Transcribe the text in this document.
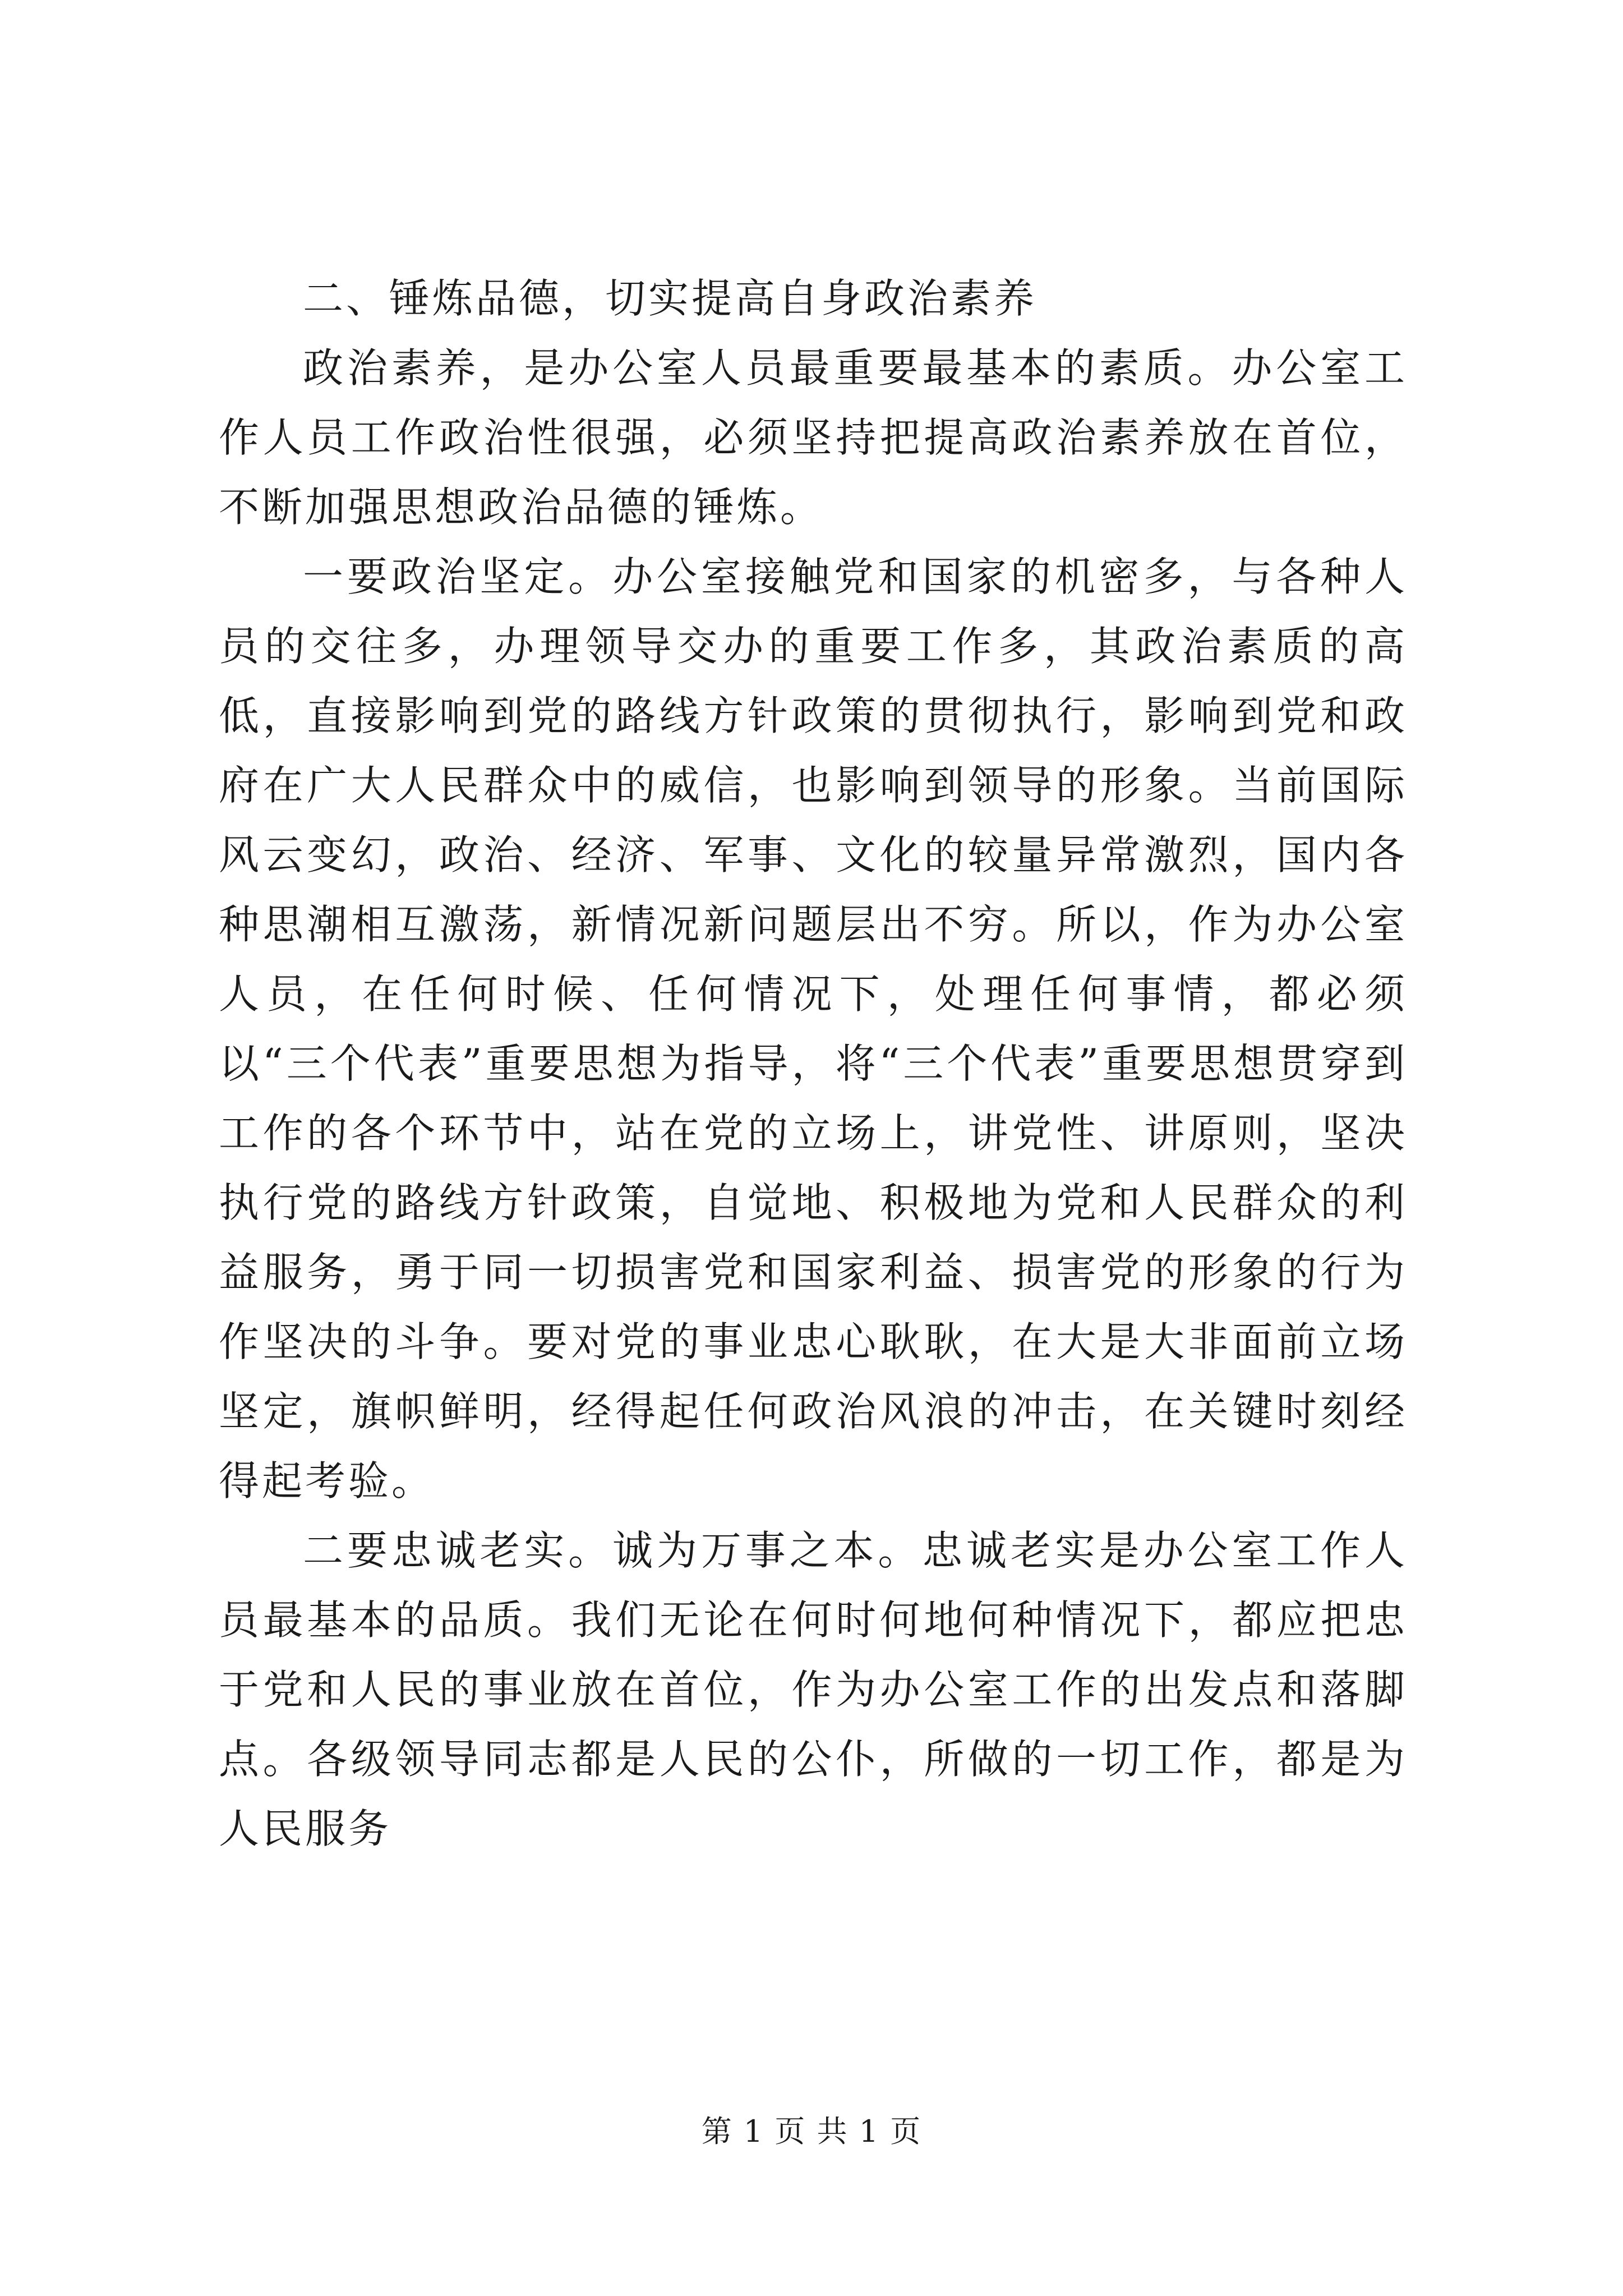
二、锤炼品德，切实提高自身政治素养

政治素养，是办公室人员最重要最基本的素质。办公室工作人员工作政治性很强，必须坚持把提高政治素养放在首位，不断加强思想政治品德的锤炼。

一要政治坚定。办公室接触党和国家的机密多，与各种人员的交往多，办理领导交办的重要工作多，其政治素质的高低，直接影响到党的路线方针政策的贯彻执行，影响到党和政府在广大人民群众中的威信，也影响到领导的形象。当前国际风云变幻，政治、经济、军事、文化的较量异常激烈，国内各种思潮相互激荡，新情况新问题层出不穷。所以，作为办公室人员，在任何时候、任何情况下，处理任何事情，都必须以“三个代表”重要思想为指导，将“三个代表”重要思想贯穿到工作的各个环节中，站在党的立场上，讲党性、讲原则，坚决执行党的路线方针政策，自觉地、积极地为党和人民群众的利益服务，勇于同一切损害党和国家利益、损害党的形象的行为作坚决的斗争。要对党的事业忠心耿耿，在大是大非面前立场坚定，旗帜鲜明，经得起任何政治风浪的冲击，在关键时刻经得起考验。

二要忠诚老实。诚为万事之本。忠诚老实是办公室工作人员最基本的品质。我们无论在何时何地何种情况下，都应把忠于党和人民的事业放在首位，作为办公室工作的出发点和落脚点。各级领导同志都是人民的公仆，所做的一切工作，都是为人民服务

第 1 页 共 1 页
